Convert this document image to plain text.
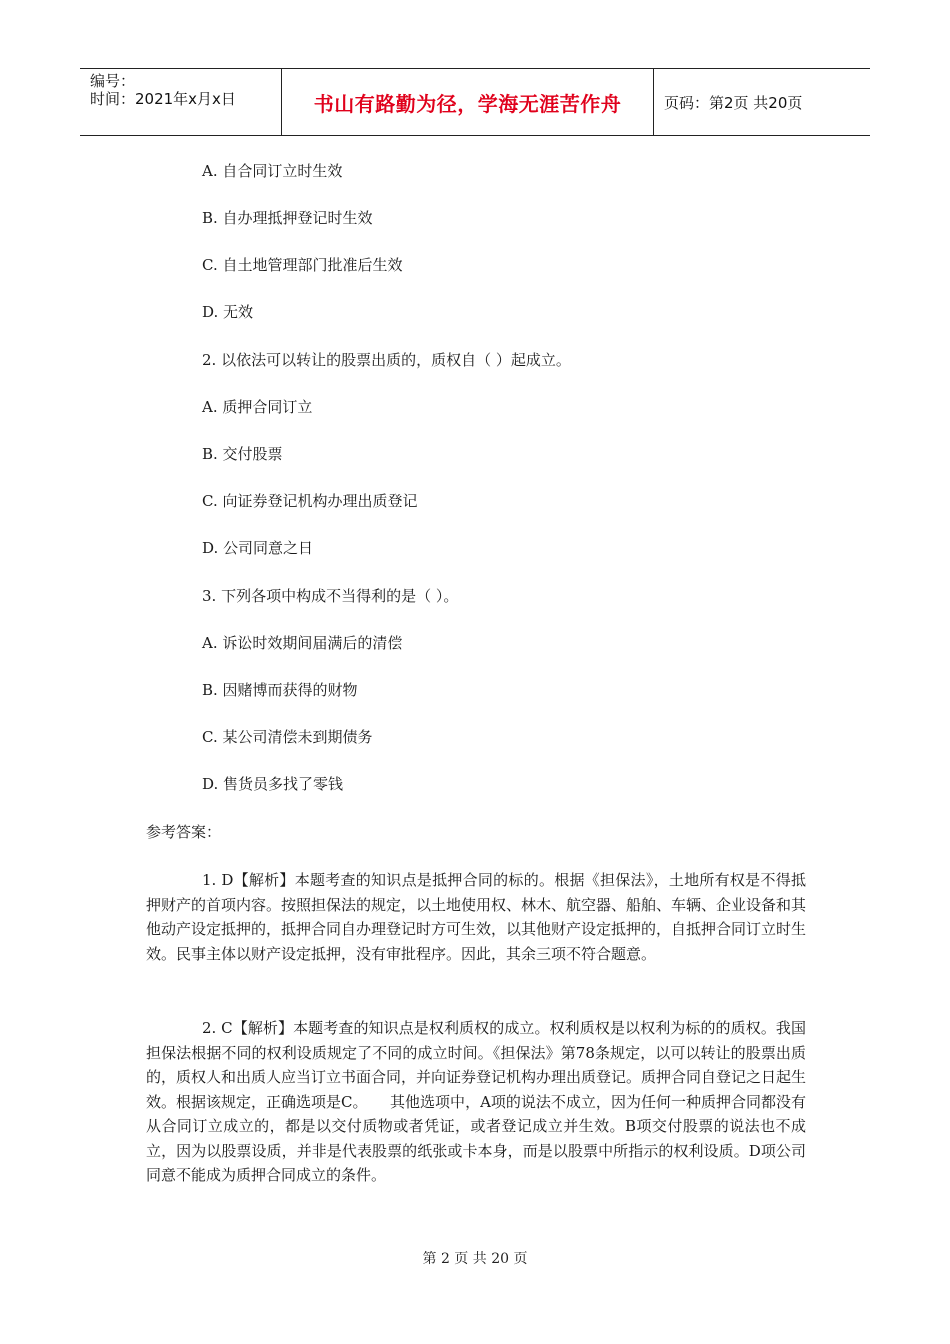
编号：
时间：2021年x月x日	书山有路勤为径，学海无涯苦作舟	页码：第2页 共20页
A. 自合同订立时生效
B. 自办理抵押登记时生效
C. 自土地管理部门批准后生效
D. 无效
2. 以依法可以转让的股票出质的，质权自（ ）起成立。
A. 质押合同订立
B. 交付股票
C. 向证券登记机构办理出质登记
D. 公司同意之日
3. 下列各项中构成不当得利的是（ ）。
A. 诉讼时效期间届满后的清偿
B. 因赌博而获得的财物
C. 某公司清偿未到期债务
D. 售货员多找了零钱
参考答案：
1. D【解析】本题考查的知识点是抵押合同的标的。根据《担保法》，土地所有权是不得抵押财产的首项内容。按照担保法的规定，以土地使用权、林木、航空器、船舶、车辆、企业设备和其他动产设定抵押的，抵押合同自办理登记时方可生效，以其他财产设定抵押的，自抵押合同订立时生效。民事主体以财产设定抵押，没有审批程序。因此，其余三项不符合题意。
2. C【解析】本题考查的知识点是权利质权的成立。权利质权是以权利为标的的质权。我国担保法根据不同的权利设质规定了不同的成立时间。《担保法》第78条规定，以可以转让的股票出质的，质权人和出质人应当订立书面合同，并向证券登记机构办理出质登记。质押合同自登记之日起生效。根据该规定，正确选项是C。　　其他选项中，A项的说法不成立，因为任何一种质押合同都没有从合同订立成立的，都是以交付质物或者凭证，或者登记成立并生效。B项交付股票的说法也不成立，因为以股票设质，并非是代表股票的纸张或卡本身，而是以股票中所指示的权利设质。D项公司同意不能成为质押合同成立的条件。
第 2 页 共 20 页
